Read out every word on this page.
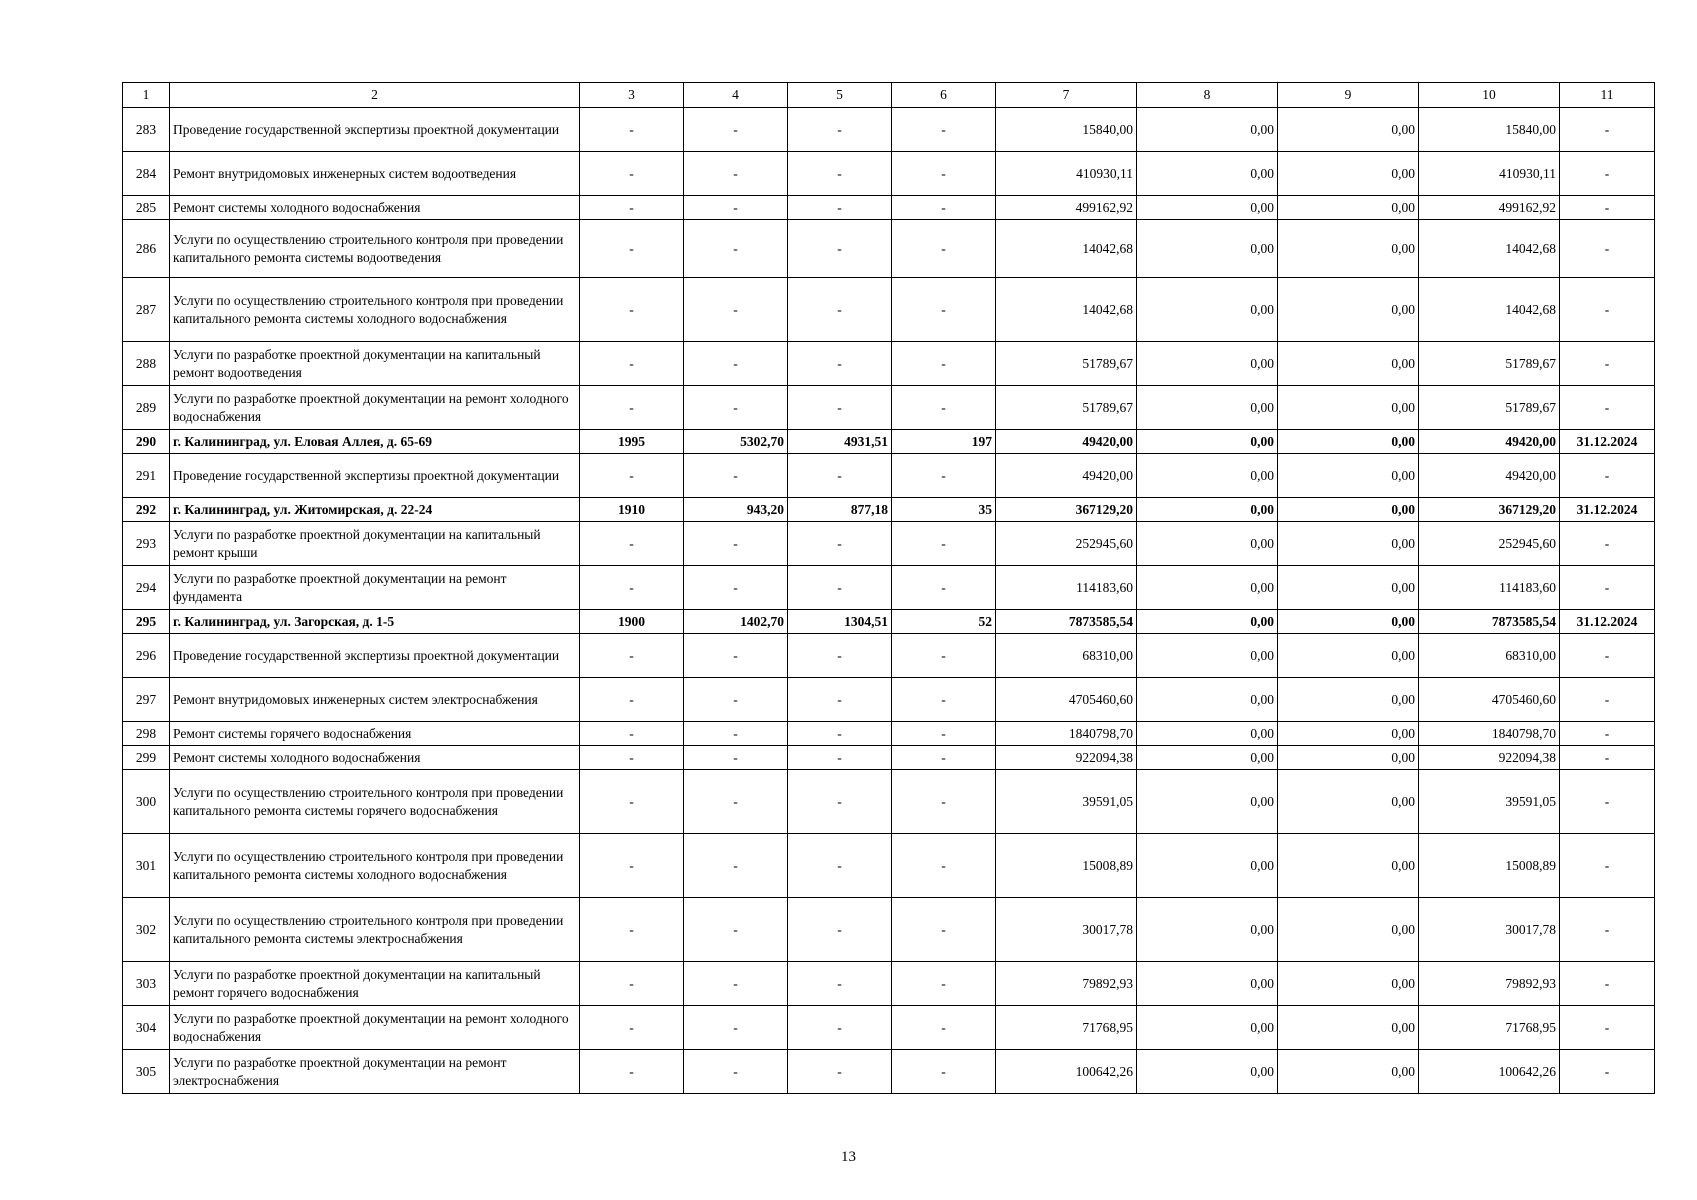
1	2	3	4	5	6	7	8	9	10	11
283	Проведение государственной экспертизы проектной документации	-	-	-	-	15840,00	0,00	0,00	15840,00	-
284	Ремонт внутридомовых инженерных систем водоотведения	-	-	-	-	410930,11	0,00	0,00	410930,11	-
285	Ремонт системы холодного водоснабжения	-	-	-	-	499162,92	0,00	0,00	499162,92	-
286	Услуги по осуществлению строительного контроля при проведении капитального ремонта системы водоотведения	-	-	-	-	14042,68	0,00	0,00	14042,68	-
287	Услуги по осуществлению строительного контроля при проведении капитального ремонта системы холодного водоснабжения	-	-	-	-	14042,68	0,00	0,00	14042,68	-
288	Услуги по разработке проектной документации на капитальный ремонт водоотведения	-	-	-	-	51789,67	0,00	0,00	51789,67	-
289	Услуги по разработке проектной документации на ремонт холодного водоснабжения	-	-	-	-	51789,67	0,00	0,00	51789,67	-
290	г. Калининград, ул. Еловая Аллея, д. 65-69	1995	5302,70	4931,51	197	49420,00	0,00	0,00	49420,00	31.12.2024
291	Проведение государственной экспертизы проектной документации	-	-	-	-	49420,00	0,00	0,00	49420,00	-
292	г. Калининград, ул. Житомирская, д. 22-24	1910	943,20	877,18	35	367129,20	0,00	0,00	367129,20	31.12.2024
293	Услуги по разработке проектной документации на капитальный ремонт крыши	-	-	-	-	252945,60	0,00	0,00	252945,60	-
294	Услуги по разработке проектной документации на ремонт фундамента	-	-	-	-	114183,60	0,00	0,00	114183,60	-
295	г. Калининград, ул. Загорская, д. 1-5	1900	1402,70	1304,51	52	7873585,54	0,00	0,00	7873585,54	31.12.2024
296	Проведение государственной экспертизы проектной документации	-	-	-	-	68310,00	0,00	0,00	68310,00	-
297	Ремонт внутридомовых инженерных систем электроснабжения	-	-	-	-	4705460,60	0,00	0,00	4705460,60	-
298	Ремонт системы горячего водоснабжения	-	-	-	-	1840798,70	0,00	0,00	1840798,70	-
299	Ремонт системы холодного водоснабжения	-	-	-	-	922094,38	0,00	0,00	922094,38	-
300	Услуги по осуществлению строительного контроля при проведении капитального ремонта системы горячего водоснабжения	-	-	-	-	39591,05	0,00	0,00	39591,05	-
301	Услуги по осуществлению строительного контроля при проведении капитального ремонта системы холодного водоснабжения	-	-	-	-	15008,89	0,00	0,00	15008,89	-
302	Услуги по осуществлению строительного контроля при проведении капитального ремонта системы электроснабжения	-	-	-	-	30017,78	0,00	0,00	30017,78	-
303	Услуги по разработке проектной документации на капитальный ремонт горячего водоснабжения	-	-	-	-	79892,93	0,00	0,00	79892,93	-
304	Услуги по разработке проектной документации на ремонт холодного водоснабжения	-	-	-	-	71768,95	0,00	0,00	71768,95	-
305	Услуги по разработке проектной документации на ремонт электроснабжения	-	-	-	-	100642,26	0,00	0,00	100642,26	-
13
